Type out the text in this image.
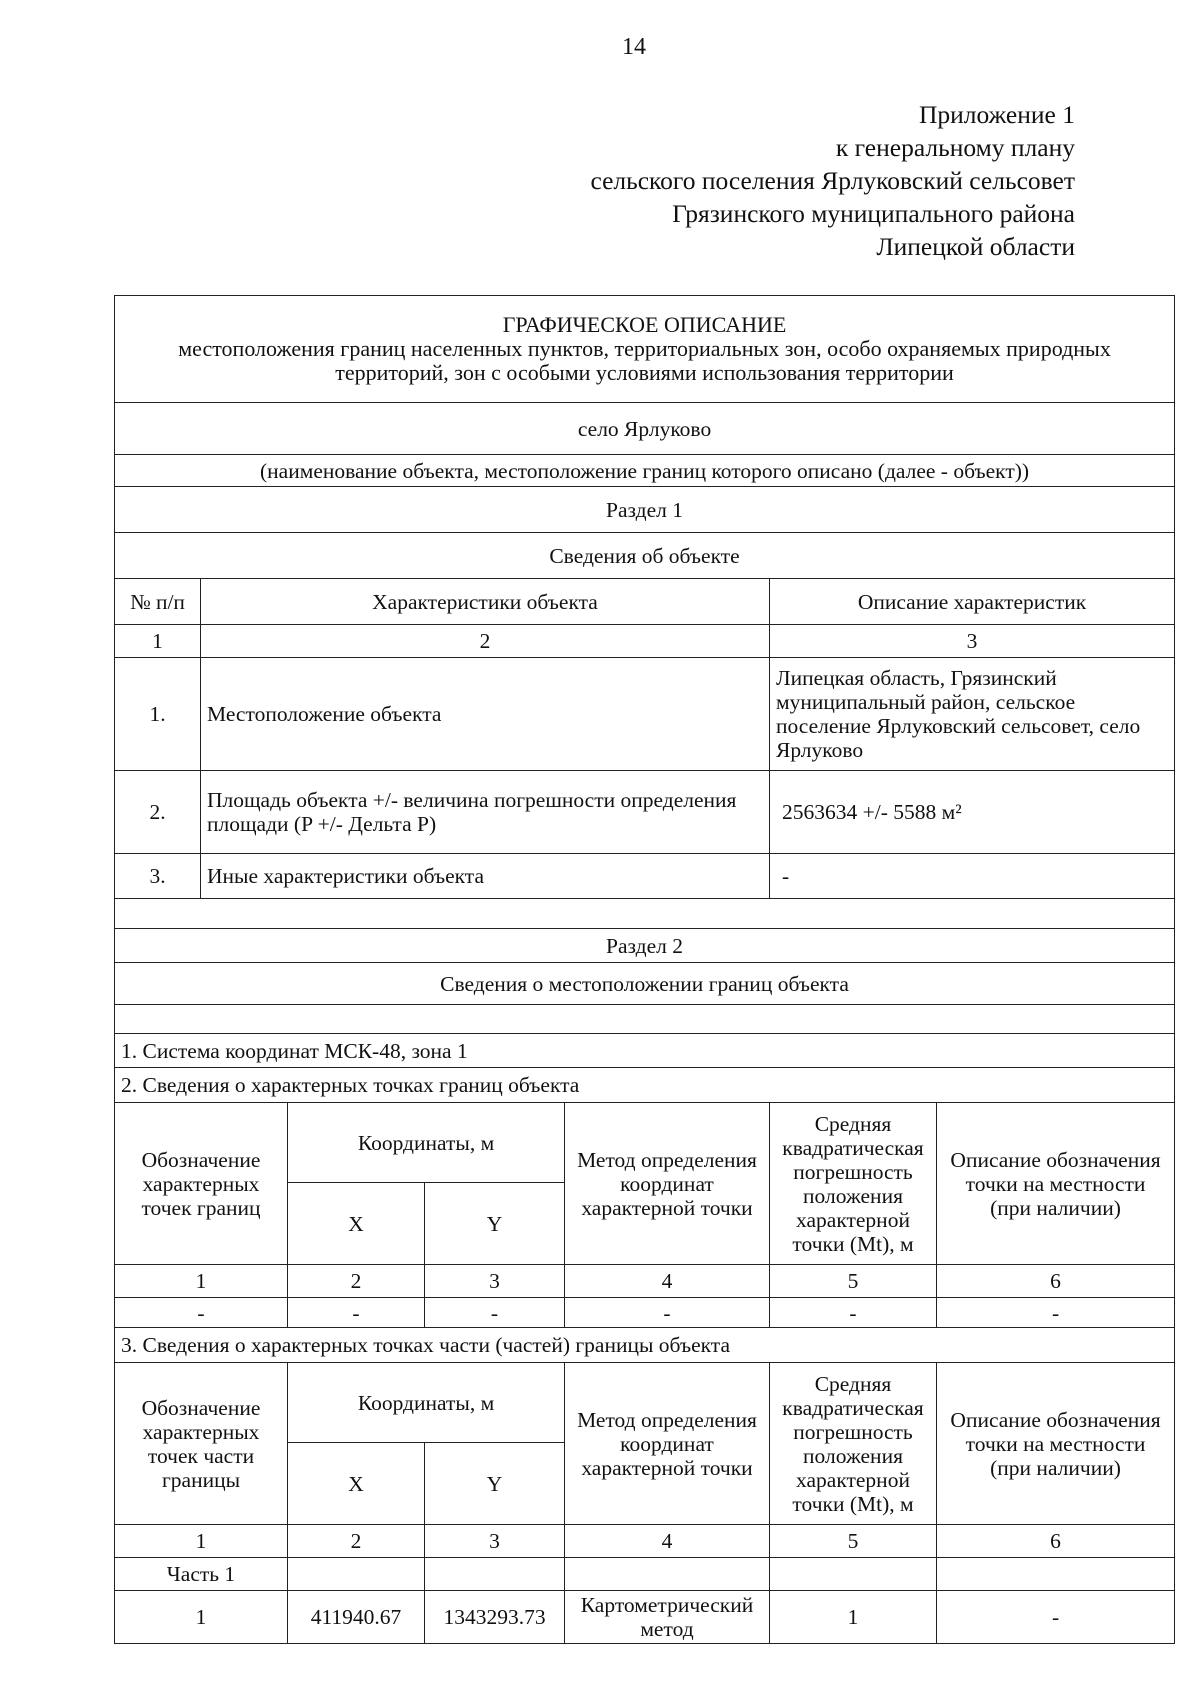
14
Приложение 1
к генеральному плану
сельского поселения Ярлуковский сельсовет
Грязинского муниципального района
Липецкой области
ГРАФИЧЕСКОЕ ОПИСАНИЕ
местоположения границ населенных пунктов, территориальных зон, особо охраняемых природных территорий, зон с особыми условиями использования территории						

село Ярлуково						
(наименование объекта, местоположение границ которого описано (далее - объект))						
Раздел 1						
Сведения об объекте						
№ п/п	Характеристики объекта				Описание характеристик	
1	2				3	
1.	Местоположение объекта				Липецкая область, Грязинский муниципальный район, сельское поселение Ярлуковский сельсовет, село Ярлуково	
2.	Площадь объекта +/- величина погрешности определения площади (P +/- Дельта P)				2563634 +/- 5588 м²	
3.	Иные характеристики объекта				-	

Раздел 2						
Сведения о местоположении границ объекта						

1. Система координат МСК-48, зона 1						
2. Сведения о характерных точках границ объекта						
Обозначение характерных точек границ		Координаты, м		Метод определения координат характерной точки	Средняя квадратическая погрешность положения характерной точки (Mt), м	Описание обозначения точки на местности (при наличии)
		X	Y			
1		2	3	4	5	6
-		-	-	-	-	-
3. Сведения о характерных точках части (частей) границы объекта						
Обозначение характерных точек части границы		Координаты, м		Метод определения координат характерной точки	Средняя квадратическая погрешность положения характерной точки (Mt), м	Описание обозначения точки на местности (при наличии)
		X	Y			
1		2	3	4	5	6
Часть 1						
1		411940.67	1343293.73	Картометрический метод	1	-
